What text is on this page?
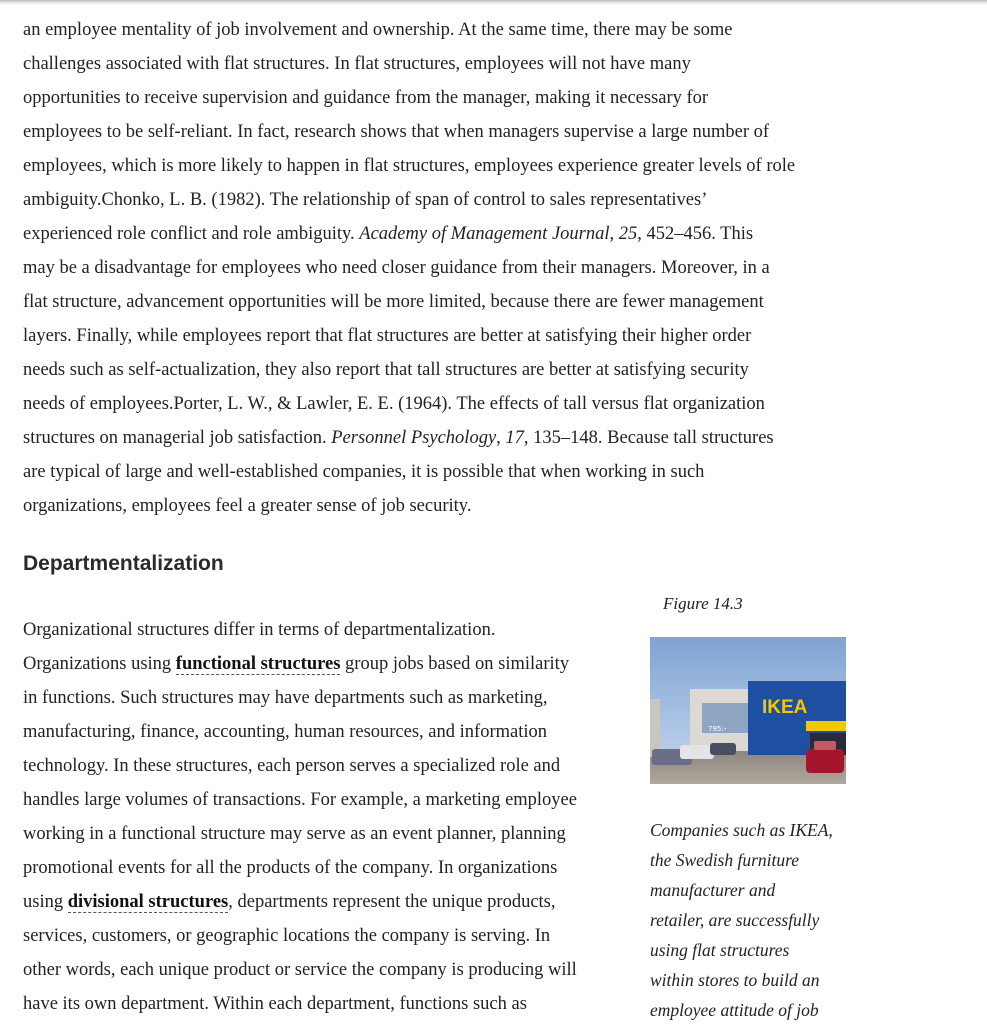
an employee mentality of job involvement and ownership. At the same time, there may be some
challenges associated with flat structures. In flat structures, employees will not have many
opportunities to receive supervision and guidance from the manager, making it necessary for
employees to be self-reliant. In fact, research shows that when managers supervise a large number of
employees, which is more likely to happen in flat structures, employees experience greater levels of role
ambiguity.Chonko, L. B. (1982). The relationship of span of control to sales representatives’
experienced role conflict and role ambiguity. Academy of Management Journal, 25, 452–456. This
may be a disadvantage for employees who need closer guidance from their managers. Moreover, in a
flat structure, advancement opportunities will be more limited, because there are fewer management
layers. Finally, while employees report that flat structures are better at satisfying their higher order
needs such as self-actualization, they also report that tall structures are better at satisfying security
needs of employees.Porter, L. W., & Lawler, E. E. (1964). The effects of tall versus flat organization
structures on managerial job satisfaction. Personnel Psychology, 17, 135–148. Because tall structures
are typical of large and well-established companies, it is possible that when working in such
organizations, employees feel a greater sense of job security.

Departmentalization

Organizational structures differ in terms of departmentalization.
Organizations using functional structures group jobs based on similarity
in functions. Such structures may have departments such as marketing,
manufacturing, finance, accounting, human resources, and information
technology. In these structures, each person serves a specialized role and
handles large volumes of transactions. For example, a marketing employee
working in a functional structure may serve as an event planner, planning
promotional events for all the products of the company. In organizations
using divisional structures, departments represent the unique products,
services, customers, or geographic locations the company is serving. In
other words, each unique product or service the company is producing will
have its own department. Within each department, functions such as

Figure 14.3
795:-
IKEA
Companies such as IKEA,
the Swedish furniture
manufacturer and
retailer, are successfully
using flat structures
within stores to build an
employee attitude of job
